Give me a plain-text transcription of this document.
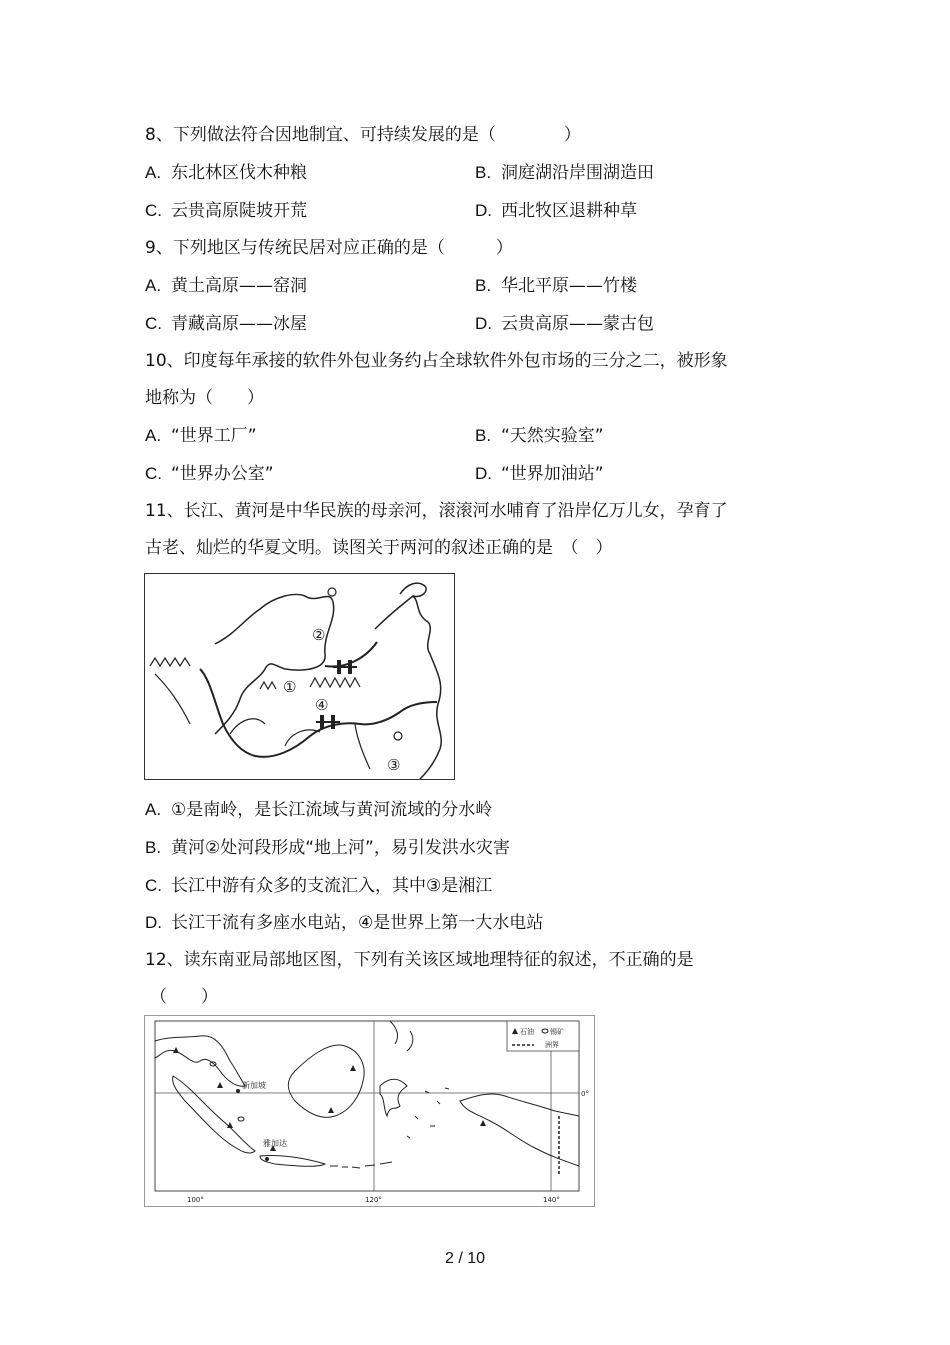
8、下列做法符合因地制宜、可持续发展的是（　　　　）
A. 东北林区伐木种粮	B. 洞庭湖沿岸围湖造田
C. 云贵高原陡坡开荒	D. 西北牧区退耕种草
9、下列地区与传统民居对应正确的是（　　　）
A. 黄土高原——窑洞	B. 华北平原——竹楼
C. 青藏高原——冰屋	D. 云贵高原——蒙古包
10、印度每年承接的软件外包业务约占全球软件外包市场的三分之二，被形象
地称为（　　）
A. “世界工厂”	B. “天然实验室”
C. “世界办公室”	D. “世界加油站”
11、长江、黄河是中华民族的母亲河，滚滚河水哺育了沿岸亿万儿女，孕育了
古老、灿烂的华夏文明。读图关于两河的叙述正确的是　（　）
①
②
③
④
A. ①是南岭，是长江流域与黄河流域的分水岭
B. 黄河②处河段形成“地上河”，易引发洪水灾害
C. 长江中游有众多的支流汇入，其中③是湘江
D. 长江干流有多座水电站，④是世界上第一大水电站
12、读东南亚局部地区图，下列有关该区域地理特征的叙述，不正确的是
（　　）
新加坡
雅加达
石油 锡矿
洲界
100°	120°	140°
0°
2 / 10
